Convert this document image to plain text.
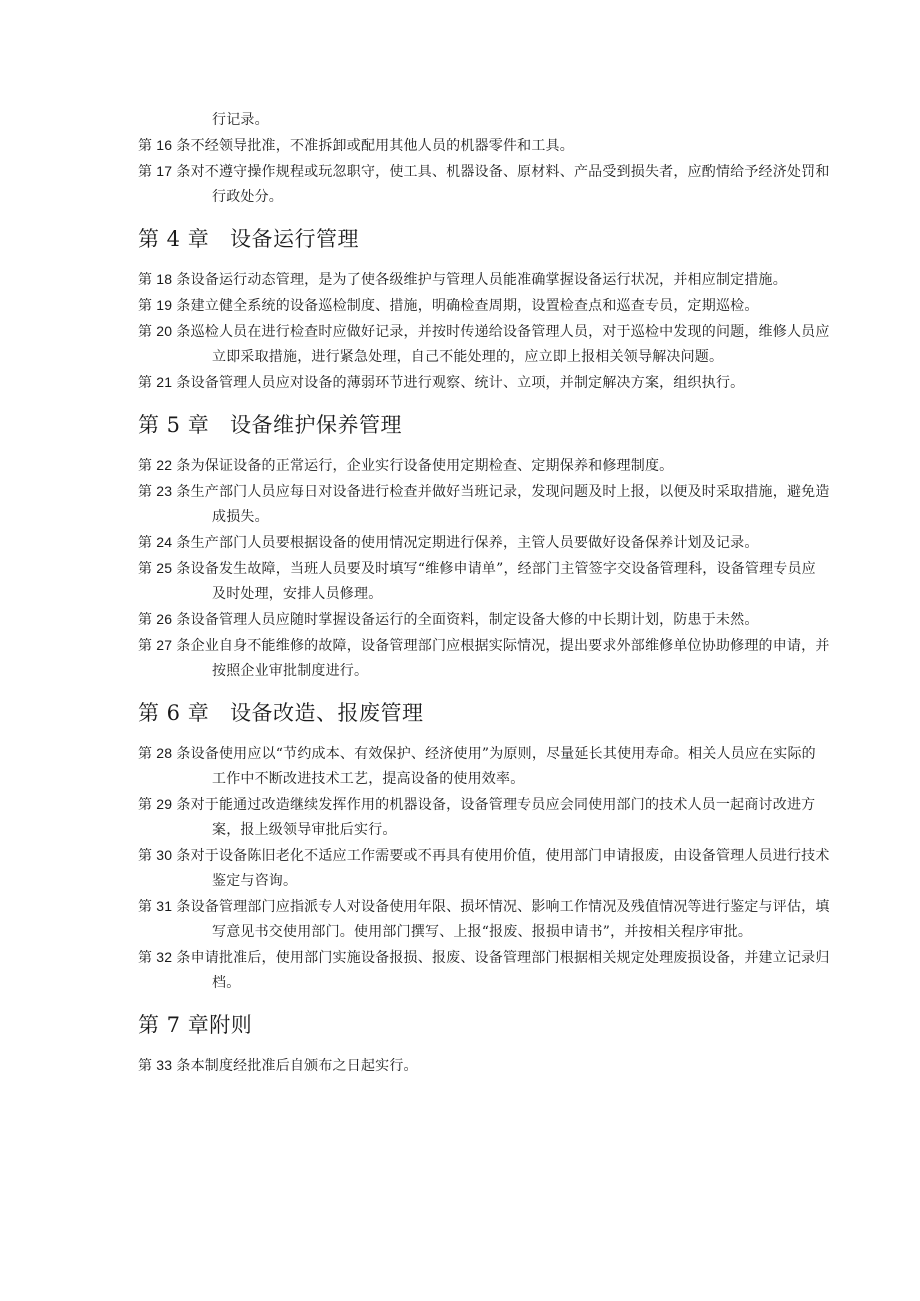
行记录。
第 16 条不经领导批准，不准拆卸或配用其他人员的机器零件和工具。
第 17 条对不遵守操作规程或玩忽职守，使工具、机器设备、原材料、产品受到损失者，应酌情给予经济处罚和行政处分。
第 4 章 设备运行管理
第 18 条设备运行动态管理，是为了使各级维护与管理人员能准确掌握设备运行状况，并相应制定措施。
第 19 条建立健全系统的设备巡检制度、措施，明确检查周期，设置检查点和巡查专员，定期巡检。
第 20 条巡检人员在进行检查时应做好记录，并按时传递给设备管理人员，对于巡检中发现的问题，维修人员应立即采取措施，进行紧急处理，自己不能处理的，应立即上报相关领导解决问题。
第 21 条设备管理人员应对设备的薄弱环节进行观察、统计、立项，并制定解决方案，组织执行。
第 5 章 设备维护保养管理
第 22 条为保证设备的正常运行，企业实行设备使用定期检查、定期保养和修理制度。
第 23 条生产部门人员应每日对设备进行检查并做好当班记录，发现问题及时上报，以便及时采取措施，避免造成损失。
第 24 条生产部门人员要根据设备的使用情况定期进行保养，主管人员要做好设备保养计划及记录。
第 25 条设备发生故障，当班人员要及时填写“维修申请单”，经部门主管签字交设备管理科，设备管理专员应及时处理，安排人员修理。
第 26 条设备管理人员应随时掌握设备运行的全面资料，制定设备大修的中长期计划，防患于未然。
第 27 条企业自身不能维修的故障，设备管理部门应根据实际情况，提出要求外部维修单位协助修理的申请，并按照企业审批制度进行。
第 6 章 设备改造、报废管理
第 28 条设备使用应以“节约成本、有效保护、经济使用”为原则，尽量延长其使用寿命。相关人员应在实际的工作中不断改进技术工艺，提高设备的使用效率。
第 29 条对于能通过改造继续发挥作用的机器设备，设备管理专员应会同使用部门的技术人员一起商讨改进方案，报上级领导审批后实行。
第 30 条对于设备陈旧老化不适应工作需要或不再具有使用价值，使用部门申请报废，由设备管理人员进行技术鉴定与咨询。
第 31 条设备管理部门应指派专人对设备使用年限、损坏情况、影响工作情况及残值情况等进行鉴定与评估，填写意见书交使用部门。使用部门撰写、上报“报废、报损申请书”，并按相关程序审批。
第 32 条申请批准后，使用部门实施设备报损、报废、设备管理部门根据相关规定处理废损设备，并建立记录归档。
第 7 章附则
第 33 条本制度经批准后自颁布之日起实行。
